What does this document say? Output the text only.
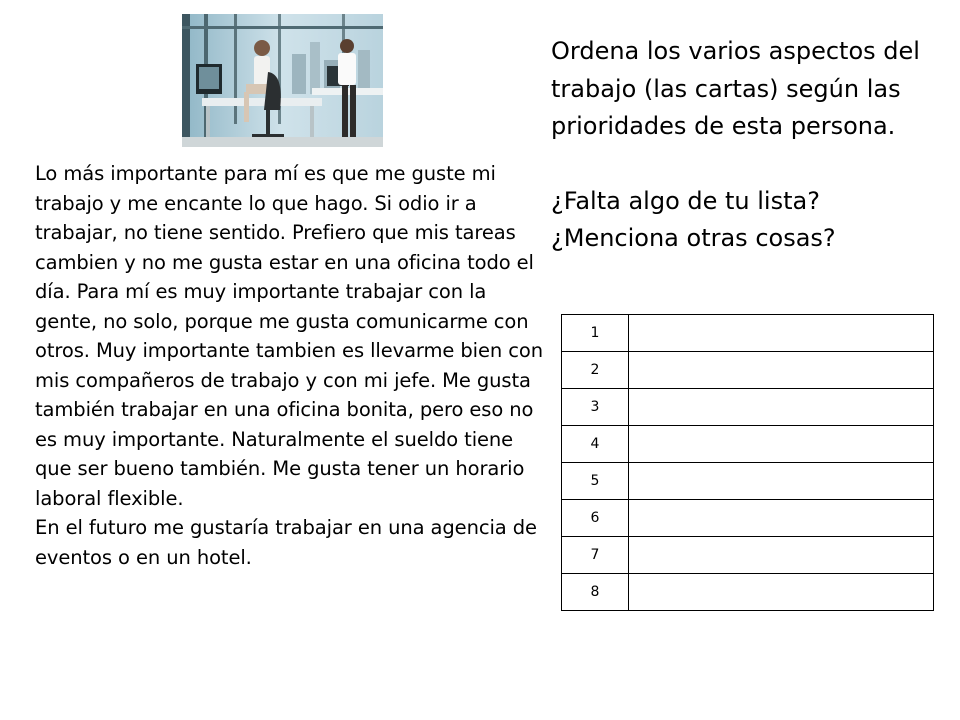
Lo más importante para mí es que me guste mi trabajo y me encante lo que hago. Si odio ir a trabajar, no tiene sentido. Prefiero que mis tareas cambien y no me gusta estar en una oficina todo el día. Para mí es muy importante trabajar con la gente, no solo, porque me gusta comunicarme con otros. Muy importante tambien es llevarme bien con mis compañeros de trabajo y con mi jefe. Me gusta también trabajar en una oficina bonita, pero eso no es muy importante. Naturalmente el sueldo tiene que ser bueno también. Me gusta tener un horario laboral flexible.

En el futuro me gustaría trabajar en una agencia de eventos o en un hotel.

Ordena los varios aspectos del trabajo (las cartas) según las prioridades de esta persona.

¿Falta algo de tu lista?

¿Menciona otras cosas?

1	
2	
3	
4	
5	
6	
7	
8	
